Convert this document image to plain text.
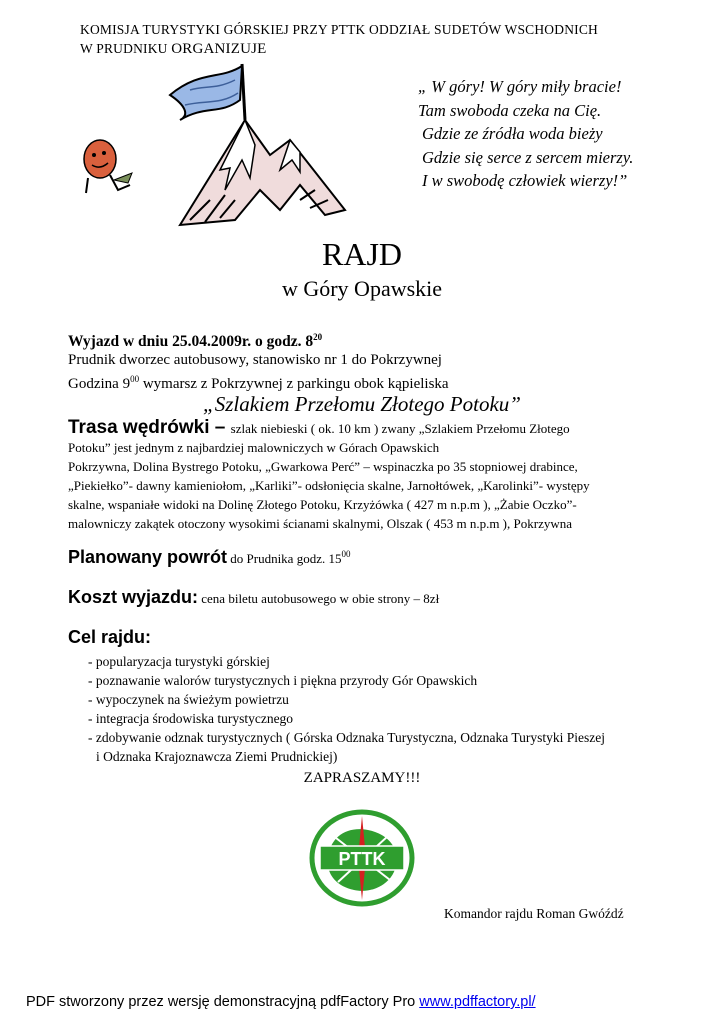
KOMISJA TURYSTYKI GÓRSKIEJ PRZY PTTK ODDZIAŁ SUDETÓW WSCHODNICH
W PRUDNIKU ORGANIZUJE
„ W góry! W góry miły bracie!
Tam swoboda czeka na Cię.
Gdzie ze źródła woda bieży
Gdzie się serce z sercem mierzy.
I w swobodę człowiek wierzy!”
RAJD
w Góry Opawskie
Wyjazd w dniu 25.04.2009r. o godz. $8^{20}$
Prudnik dworzec autobusowy, stanowisko nr 1 do Pokrzywnej
Godzina $9^{00}$ wymarsz z Pokrzywnej z parkingu obok kąpieliska
„Szlakiem Przełomu Złotego Potoku”
Trasa wędrówki – szlak niebieski ( ok. 10 km ) zwany „Szlakiem Przełomu Złotego
Potoku” jest jednym z najbardziej malowniczych w Górach Opawskich
Pokrzywna, Dolina Bystrego Potoku, „Gwarkowa Perć” – wspinaczka po 35 stopniowej drabince,
„Piekiełko”- dawny kamieniołom, „Karliki”- odsłonięcia skalne, Jarnołtówek, „Karolinki”- występy
skalne, wspaniałe widoki na Dolinę Złotego Potoku, Krzyżówka ( 427 m n.p.m ), „Żabie Oczko”-
malowniczy zakątek otoczony wysokimi ścianami skalnymi, Olszak ( 453 m n.p.m ), Pokrzywna
Planowany powrót do Prudnika godz. $15^{00}$
Koszt wyjazdu: cena biletu autobusowego w obie strony – 8zł
Cel rajdu:
- popularyzacja turystyki górskiej
- poznawanie walorów turystycznych i piękna przyrody Gór Opawskich
- wypoczynek na świeżym powietrzu
- integracja środowiska turystycznego
- zdobywanie odznak turystycznych ( Górska Odznaka Turystyczna, Odznaka Turystyki Pieszej
i Odznaka Krajoznawcza Ziemi Prudnickiej)
ZAPRASZAMY!!!
PTTK
Komandor rajdu Roman Gwóźdź
PDF stworzony przez wersję demonstracyjną pdfFactory Pro www.pdffactory.pl/
